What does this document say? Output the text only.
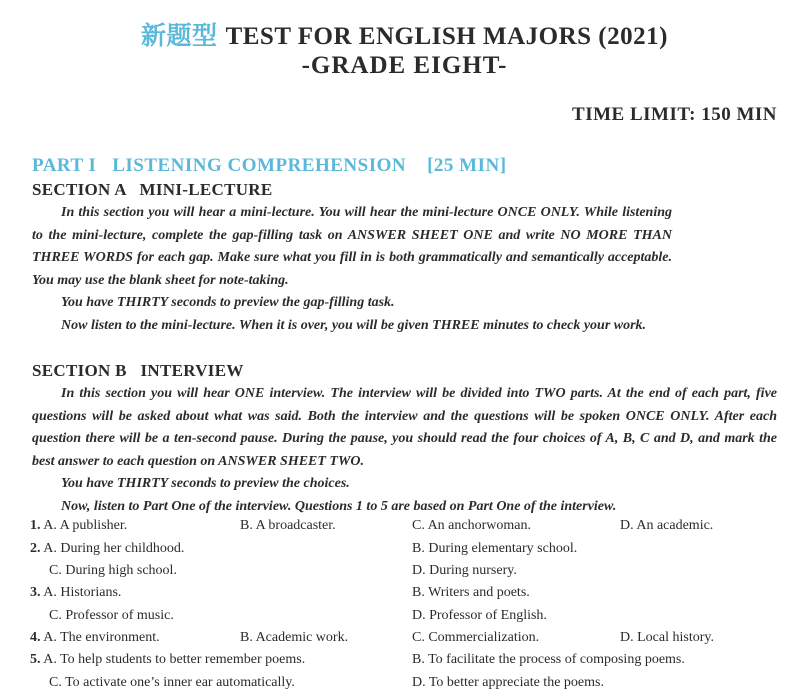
新题型 TEST FOR ENGLISH MAJORS (2021)
-GRADE EIGHT-
TIME LIMIT: 150 MIN
PART I   LISTENING COMPREHENSION    [25 MIN]
SECTION A   MINI-LECTURE

In this section you will hear a mini-lecture. You will hear the mini-lecture ONCE ONLY. While listening to the mini-lecture, complete the gap-filling task on ANSWER SHEET ONE and write NO MORE THAN THREE WORDS for each gap. Make sure what you fill in is both grammatically and semantically acceptable. You may use the blank sheet for note-taking.

You have THIRTY seconds to preview the gap-filling task.

Now listen to the mini-lecture. When it is over, you will be given THREE minutes to check your work.

SECTION B   INTERVIEW

In this section you will hear ONE interview. The interview will be divided into TWO parts. At the end of each part, five questions will be asked about what was said. Both the interview and the questions will be spoken ONCE ONLY. After each question there will be a ten-second pause. During the pause, you should read the four choices of A, B, C and D, and mark the best answer to each question on ANSWER SHEET TWO.

You have THIRTY seconds to preview the choices.

Now, listen to Part One of the interview. Questions 1 to 5 are based on Part One of the interview.

1. A. A publisher.	B. A broadcaster.	C. An anchorwoman.	D. An academic.
2. A. During her childhood.	B. During elementary school.
C. During high school.	D. During nursery.
3. A. Historians.	B. Writers and poets.
C. Professor of music.	D. Professor of English.
4. A. The environment.	B. Academic work.	C. Commercialization.	D. Local history.
5. A. To help students to better remember poems.	B. To facilitate the process of composing poems.
C. To activate one’s inner ear automatically.	D. To better appreciate the poems.
